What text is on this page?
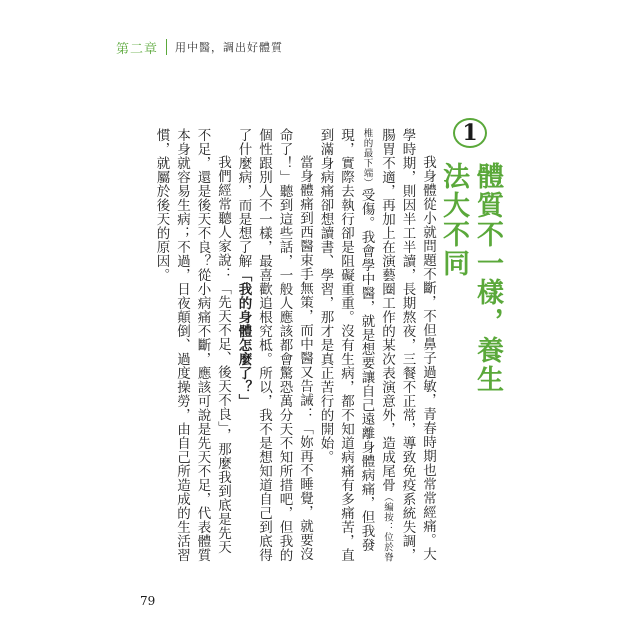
第二章 用中醫，調出好體質
1
體質不一樣，養生法大不同

我身體從小就問題不斷，不但鼻子過敏，青春時期也常常經痛。大學時期，則因半工半讀，長期熬夜，三餐不正常，導致免疫系統失調，腸胃不適，再加上在演藝圈工作的某次表演意外，造成尾骨（編按：位於脊椎的最下端）受傷。我會學中醫，就是想要讓自己遠離身體病痛，但我發現，實際去執行卻是阻礙重重。沒有生病，都不知道病痛有多痛苦，直到滿身病痛卻想讀書、學習，那才是真正苦行的開始。

當身體痛到西醫束手無策，而中醫又告誡：「妳再不睡覺，就要沒命了！」聽到這些話，一般人應該都會驚恐萬分天不知所措吧，但我的個性跟別人不一樣，最喜歡追根究柢。所以，我不是想知道自己到底得了什麼病，而是想了解「我的身體怎麼了？」

我們經常聽人家說：「先天不足、後天不良」，那麼我到底是先天不足，還是後天不良？從小病痛不斷，應該可說是先天不足，代表體質本身就容易生病；不過，日夜顛倒、過度操勞，由自己所造成的生活習慣，就屬於後天的原因。

79
